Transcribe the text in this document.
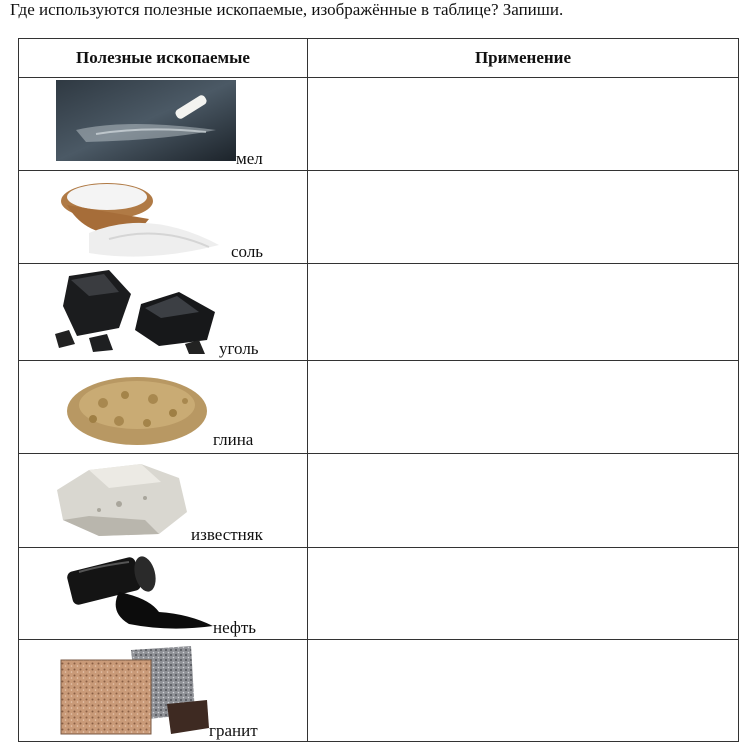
Где используются полезные ископаемые, изображённые в таблице? Запиши.
Полезные ископаемые	Применение

мел	

соль	

уголь	

глина	

известняк	

нефть	

гранит	
